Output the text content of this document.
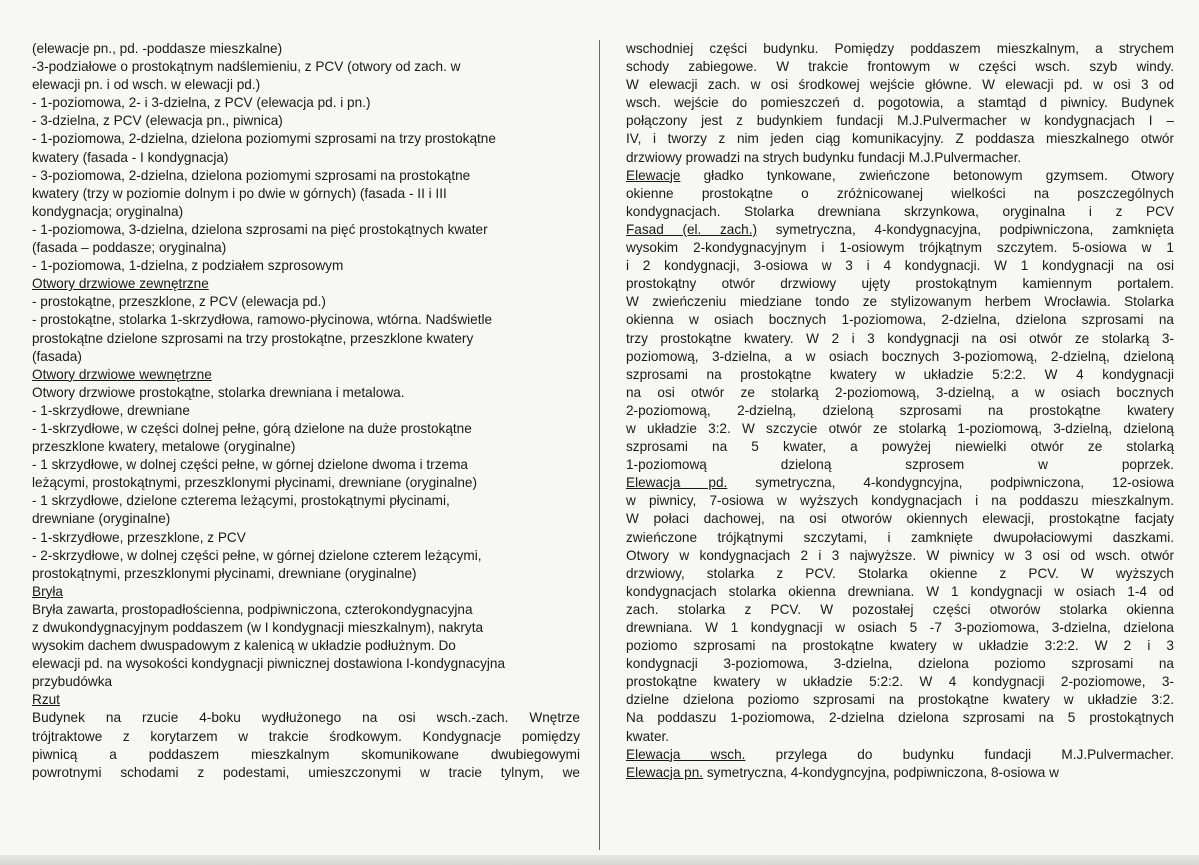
(elewacje pn., pd. -poddasze mieszkalne)
-3-podziałowe o prostokątnym nadślemieniu, z PCV (otwory od zach. w
elewacji pn. i od wsch. w elewacji pd.)
- 1-poziomowa, 2- i 3-dzielna, z PCV (elewacja pd. i pn.)
- 3-dzielna, z PCV (elewacja pn., piwnica)
- 1-poziomowa, 2-dzielna, dzielona poziomymi szprosami na trzy prostokątne
kwatery (fasada - I kondygnacja)
- 3-poziomowa, 2-dzielna, dzielona poziomymi szprosami na prostokątne
kwatery (trzy w poziomie dolnym i po dwie w górnych) (fasada - II i III
kondygnacja; oryginalna)
- 1-poziomowa, 3-dzielna, dzielona szprosami na pięć prostokątnych kwater
(fasada – poddasze; oryginalna)
- 1-poziomowa, 1-dzielna, z podziałem szprosowym
Otwory drzwiowe zewnętrzne
- prostokątne, przeszklone, z PCV (elewacja pd.)
- prostokątne, stolarka 1-skrzydłowa, ramowo-płycinowa, wtórna. Nadświetle
prostokątne dzielone szprosami na trzy prostokątne, przeszklone kwatery
(fasada)
Otwory drzwiowe wewnętrzne
Otwory drzwiowe prostokątne, stolarka drewniana i metalowa.
- 1-skrzydłowe, drewniane
- 1-skrzydłowe, w części dolnej pełne, górą dzielone na duże prostokątne
przeszklone kwatery, metalowe (oryginalne)
- 1 skrzydłowe, w dolnej części pełne, w górnej dzielone dwoma i trzema
leżącymi, prostokątnymi, przeszklonymi płycinami, drewniane (oryginalne)
- 1 skrzydłowe, dzielone czterema leżącymi, prostokątnymi płycinami,
drewniane (oryginalne)
- 1-skrzydłowe, przeszklone, z PCV
- 2-skrzydłowe, w dolnej części pełne, w górnej dzielone czterem leżącymi,
prostokątnymi, przeszklonymi płycinami, drewniane (oryginalne)
Bryła
Bryła zawarta, prostopadłościenna, podpiwniczona, czterokondygnacyjna
z dwukondygnacyjnym poddaszem (w I kondygnacji mieszkalnym), nakryta
wysokim dachem dwuspadowym z kalenicą w układzie podłużnym. Do
elewacji pd. na wysokości kondygnacji piwnicznej dostawiona I-kondygnacyjna
przybudówka
Rzut
Budynek na rzucie 4-boku wydłużonego na osi wsch.-zach. Wnętrze
trójtraktowe z korytarzem w trakcie środkowym. Kondygnacje pomiędzy
piwnicą a poddaszem mieszkalnym skomunikowane dwubiegowymi
powrotnymi schodami z podestami, umieszczonymi w tracie tylnym, we
wschodniej części budynku. Pomiędzy poddaszem mieszkalnym, a strychem
schody zabiegowe. W trakcie frontowym w części wsch. szyb windy.
W elewacji zach. w osi środkowej wejście główne. W elewacji pd. w osi 3 od
wsch. wejście do pomieszczeń d. pogotowia, a stamtąd d piwnicy. Budynek
połączony jest z budynkiem fundacji M.J.Pulvermacher w kondygnacjach I –
IV, i tworzy z nim jeden ciąg komunikacyjny. Z poddasza mieszkalnego otwór
drzwiowy prowadzi na strych budynku fundacji M.J.Pulvermacher.
Elewacje gładko tynkowane, zwieńczone betonowym gzymsem. Otwory
okienne prostokątne o zróżnicowanej wielkości na poszczególnych
kondygnacjach. Stolarka drewniana skrzynkowa, oryginalna i z PCV
Fasad (el. zach.) symetryczna, 4-kondygnacyjna, podpiwniczona, zamknięta
wysokim 2-kondygnacyjnym i 1-osiowym trójkątnym szczytem. 5-osiowa w 1
i 2 kondygnacji, 3-osiowa w 3 i 4 kondygnacji. W 1 kondygnacji na osi
prostokątny otwór drzwiowy ujęty prostokątnym kamiennym portalem.
W zwieńczeniu miedziane tondo ze stylizowanym herbem Wrocławia. Stolarka
okienna w osiach bocznych 1-poziomowa, 2-dzielna, dzielona szprosami na
trzy prostokątne kwatery. W 2 i 3 kondygnacji na osi otwór ze stolarką 3-
poziomową, 3-dzielna, a w osiach bocznych 3-poziomową, 2-dzielną, dzieloną
szprosami na prostokątne kwatery w układzie 5:2:2. W 4 kondygnacji
na osi otwór ze stolarką 2-poziomową, 3-dzielną, a w osiach bocznych
2-poziomową, 2-dzielną, dzieloną szprosami na prostokątne kwatery
w układzie 3:2. W szczycie otwór ze stolarką 1-poziomową, 3-dzielną, dzieloną
szprosami na 5 kwater, a powyżej niewielki otwór ze stolarką
1-poziomową dzieloną szprosem w poprzek.
Elewacja pd. symetryczna, 4-kondygncyjna, podpiwniczona, 12-osiowa
w piwnicy, 7-osiowa w wyższych kondygnacjach i na poddaszu mieszkalnym.
W połaci dachowej, na osi otworów okiennych elewacji, prostokątne facjaty
zwieńczone trójkątnymi szczytami, i zamknięte dwupołaciowymi daszkami.
Otwory w kondygnacjach 2 i 3 najwyższe. W piwnicy w 3 osi od wsch. otwór
drzwiowy, stolarka z PCV. Stolarka okienne z PCV. W wyższych
kondygnacjach stolarka okienna drewniana. W 1 kondygnacji w osiach 1-4 od
zach. stolarka z PCV. W pozostałej części otworów stolarka okienna
drewniana. W 1 kondygnacji w osiach 5 -7 3-poziomowa, 3-dzielna, dzielona
poziomo szprosami na prostokątne kwatery w układzie 3:2:2. W 2 i 3
kondygnacji 3-poziomowa, 3-dzielna, dzielona poziomo szprosami na
prostokątne kwatery w układzie 5:2:2. W 4 kondygnacji 2-poziomowe, 3-
dzielne dzielona poziomo szprosami na prostokątne kwatery w układzie 3:2.
Na poddaszu 1-poziomowa, 2-dzielna dzielona szprosami na 5 prostokątnych
kwater.
Elewacja wsch. przylega do budynku fundacji M.J.Pulvermacher.
Elewacja pn. symetryczna, 4-kondygncyjna, podpiwniczona, 8-osiowa w
